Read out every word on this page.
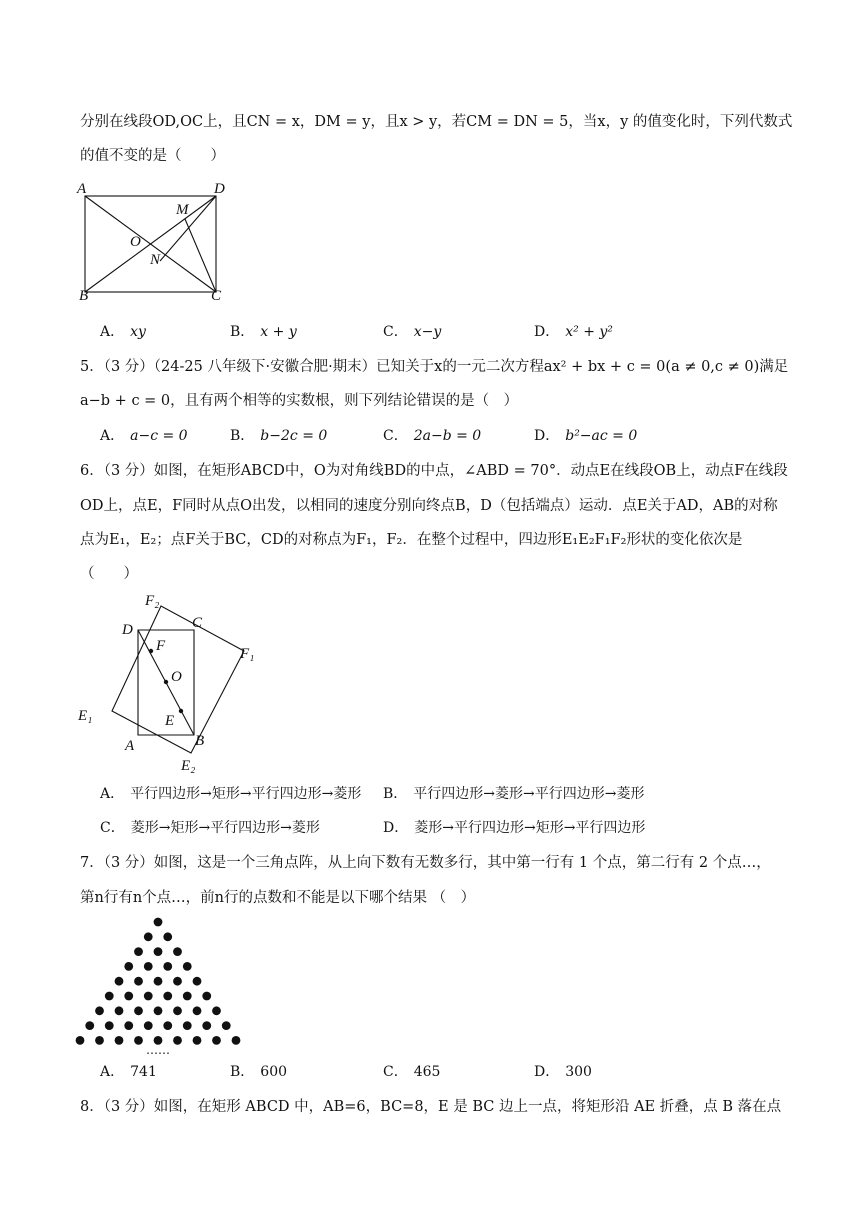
分别在线段OD,OC上，且CN = x，DM = y，且x > y，若CM = DN = 5，当x，y 的值变化时，下列代数式
的值不变的是（　　）
A	D
M
O
N
B	C
A． xy	B． x + y	C． x−y	D． x² + y²
5．（3 分）（24-25 八年级下·安徽合肥·期末）已知关于x的一元二次方程ax² + bx + c = 0(a ≠ 0,c ≠ 0)满足
a−b + c = 0，且有两个相等的实数根，则下列结论错误的是（　）
A． a−c = 0	B． b−2c = 0	C． 2a−b = 0	D． b²−ac = 0
6．（3 分）如图，在矩形ABCD中，O为对角线BD的中点，∠ABD = 70°．动点E在线段OB上，动点F在线段
OD上，点E，F同时从点O出发，以相同的速度分别向终点B，D（包括端点）运动．点E关于AD，AB的对称
点为E₁，E₂；点F关于BC，CD的对称点为F₁，F₂．在整个过程中，四边形E₁E₂F₁F₂形状的变化依次是
（　　）
F₂
D	C
F	F₁
O
E₁	E
A	B
E₂
A． 平行四边形→矩形→平行四边形→菱形 B． 平行四边形→菱形→平行四边形→菱形
C． 菱形→矩形→平行四边形→菱形	D． 菱形→平行四边形→矩形→平行四边形
7．（3 分）如图，这是一个三角点阵，从上向下数有无数多行，其中第一行有 1 个点，第二行有 2 个点…，
第n行有n个点…，前n行的点数和不能是以下哪个结果 （　）
……
A． 741	B． 600	C． 465	D． 300
8．（3 分）如图，在矩形 ABCD 中，AB=6，BC=8，E 是 BC 边上一点，将矩形沿 AE 折叠，点 B 落在点
